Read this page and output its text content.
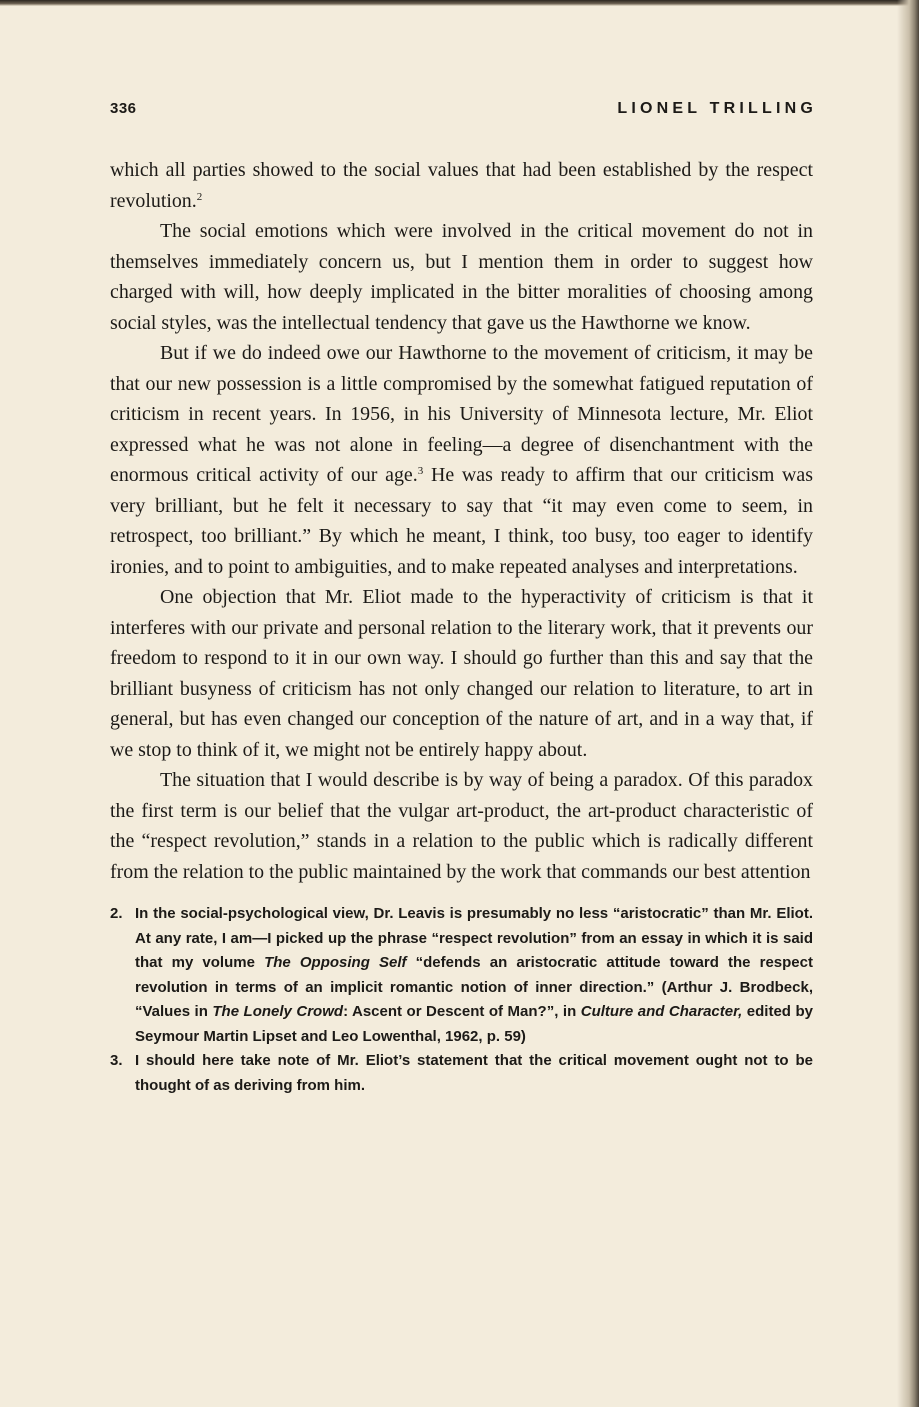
336	LIONEL TRILLING

which all parties showed to the social values that had been established by the respect revolution.$^2$

The social emotions which were involved in the critical movement do not in themselves immediately concern us, but I mention them in order to suggest how charged with will, how deeply implicated in the bitter moralities of choosing among social styles, was the intellectual tendency that gave us the Hawthorne we know.

But if we do indeed owe our Hawthorne to the movement of criticism, it may be that our new possession is a little compromised by the somewhat fatigued reputation of criticism in recent years. In 1956, in his University of Minnesota lecture, Mr. Eliot expressed what he was not alone in feeling—a degree of disenchantment with the enormous critical activity of our age.$^3$ He was ready to affirm that our criticism was very brilliant, but he felt it necessary to say that “it may even come to seem, in retrospect, too brilliant.” By which he meant, I think, too busy, too eager to identify ironies, and to point to ambiguities, and to make repeated analyses and interpretations.

One objection that Mr. Eliot made to the hyperactivity of criticism is that it interferes with our private and personal relation to the literary work, that it prevents our freedom to respond to it in our own way. I should go further than this and say that the brilliant busyness of criticism has not only changed our relation to literature, to art in general, but has even changed our conception of the nature of art, and in a way that, if we stop to think of it, we might not be entirely happy about.

The situation that I would describe is by way of being a paradox. Of this paradox the first term is our belief that the vulgar art-product, the art-product characteristic of the “respect revolution,” stands in a relation to the public which is radically different from the relation to the public maintained by the work that commands our best attention

2. In the social-psychological view, Dr. Leavis is presumably no less “aristocratic” than Mr. Eliot. At any rate, I am—I picked up the phrase “respect revolution” from an essay in which it is said that my volume The Opposing Self “defends an aristocratic attitude toward the respect revolution in terms of an implicit romantic notion of inner direction.” (Arthur J. Brodbeck, “Values in The Lonely Crowd: Ascent or Descent of Man?”, in Culture and Character, edited by Seymour Martin Lipset and Leo Lowenthal, 1962, p. 59)

3. I should here take note of Mr. Eliot’s statement that the critical movement ought not to be thought of as deriving from him.
